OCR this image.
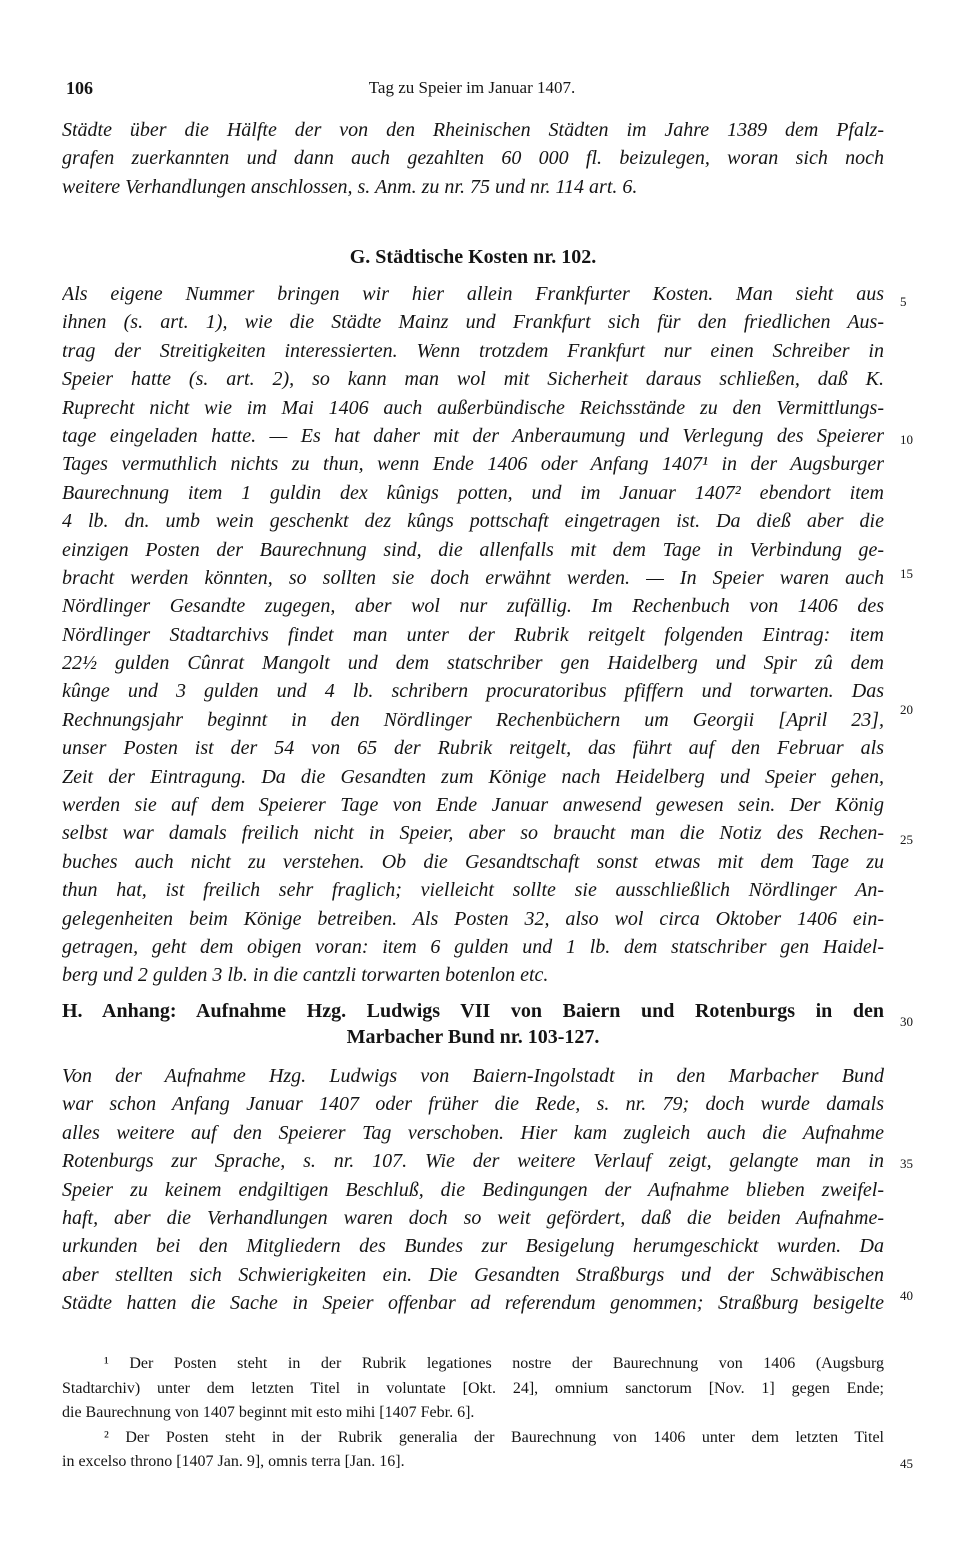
106	Tag zu Speier im Januar 1407.
Städte über die Hälfte der von den Rheinischen Städten im Jahre 1389 dem Pfalz-
grafen zuerkannten und dann auch gezahlten 60 000 fl. beizulegen, woran sich noch
weitere Verhandlungen anschlossen, s. Anm. zu nr. 75 und nr. 114 art. 6.
G. Städtische Kosten nr. 102.
Als eigene Nummer bringen wir hier allein Frankfurter Kosten. Man sieht aus
ihnen (s. art. 1), wie die Städte Mainz und Frankfurt sich für den friedlichen Aus-
trag der Streitigkeiten interessierten. Wenn trotzdem Frankfurt nur einen Schreiber in
Speier hatte (s. art. 2), so kann man wol mit Sicherheit daraus schließen, daß K.
Ruprecht nicht wie im Mai 1406 auch außerbündische Reichsstände zu den Vermittlungs-
tage eingeladen hatte. — Es hat daher mit der Anberaumung und Verlegung des Speierer
Tages vermuthlich nichts zu thun, wenn Ende 1406 oder Anfang 1407¹ in der Augsburger
Baurechnung item 1 guldin dex kûnigs potten, und im Januar 1407² ebendort item
4 lb. dn. umb wein geschenkt dez kûngs pottschaft eingetragen ist. Da dieß aber die
einzigen Posten der Baurechnung sind, die allenfalls mit dem Tage in Verbindung ge-
bracht werden könnten, so sollten sie doch erwähnt werden. — In Speier waren auch
Nördlinger Gesandte zugegen, aber wol nur zufällig. Im Rechenbuch von 1406 des
Nördlinger Stadtarchivs findet man unter der Rubrik reitgelt folgenden Eintrag: item
22½ gulden Cûnrat Mangolt und dem statschriber gen Haidelberg und Spir zû dem
kûnge und 3 gulden und 4 lb. schribern procuratoribus pfiffern und torwarten. Das
Rechnungsjahr beginnt in den Nördlinger Rechenbüchern um Georgii [April 23],
unser Posten ist der 54 von 65 der Rubrik reitgelt, das führt auf den Februar als
Zeit der Eintragung. Da die Gesandten zum Könige nach Heidelberg und Speier gehen,
werden sie auf dem Speierer Tage von Ende Januar anwesend gewesen sein. Der König
selbst war damals freilich nicht in Speier, aber so braucht man die Notiz des Rechen-
buches auch nicht zu verstehen. Ob die Gesandtschaft sonst etwas mit dem Tage zu
thun hat, ist freilich sehr fraglich; vielleicht sollte sie ausschließlich Nördlinger An-
gelegenheiten beim Könige betreiben. Als Posten 32, also wol circa Oktober 1406 ein-
getragen, geht dem obigen voran: item 6 gulden und 1 lb. dem statschriber gen Haidel-
berg und 2 gulden 3 lb. in die cantzli torwarten botenlon etc.
H. Anhang: Aufnahme Hzg. Ludwigs VII von Baiern und Rotenburgs in den
Marbacher Bund nr. 103-127.
Von der Aufnahme Hzg. Ludwigs von Baiern-Ingolstadt in den Marbacher Bund
war schon Anfang Januar 1407 oder früher die Rede, s. nr. 79; doch wurde damals
alles weitere auf den Speierer Tag verschoben. Hier kam zugleich auch die Aufnahme
Rotenburgs zur Sprache, s. nr. 107. Wie der weitere Verlauf zeigt, gelangte man in
Speier zu keinem endgiltigen Beschluß, die Bedingungen der Aufnahme blieben zweifel-
haft, aber die Verhandlungen waren doch so weit gefördert, daß die beiden Aufnahme-
urkunden bei den Mitgliedern des Bundes zur Besigelung herumgeschickt wurden. Da
aber stellten sich Schwierigkeiten ein. Die Gesandten Straßburgs und der Schwäbischen
Städte hatten die Sache in Speier offenbar ad referendum genommen; Straßburg besigelte
¹ Der Posten steht in der Rubrik legationes nostre der Baurechnung von 1406 (Augsburg
Stadtarchiv) unter dem letzten Titel in voluntate [Okt. 24], omnium sanctorum [Nov. 1] gegen Ende;
die Baurechnung von 1407 beginnt mit esto mihi [1407 Febr. 6].
² Der Posten steht in der Rubrik generalia der Baurechnung von 1406 unter dem letzten Titel
in excelso throno [1407 Jan. 9], omnis terra [Jan. 16].
5
10
15
20
25
30
35
40
45
